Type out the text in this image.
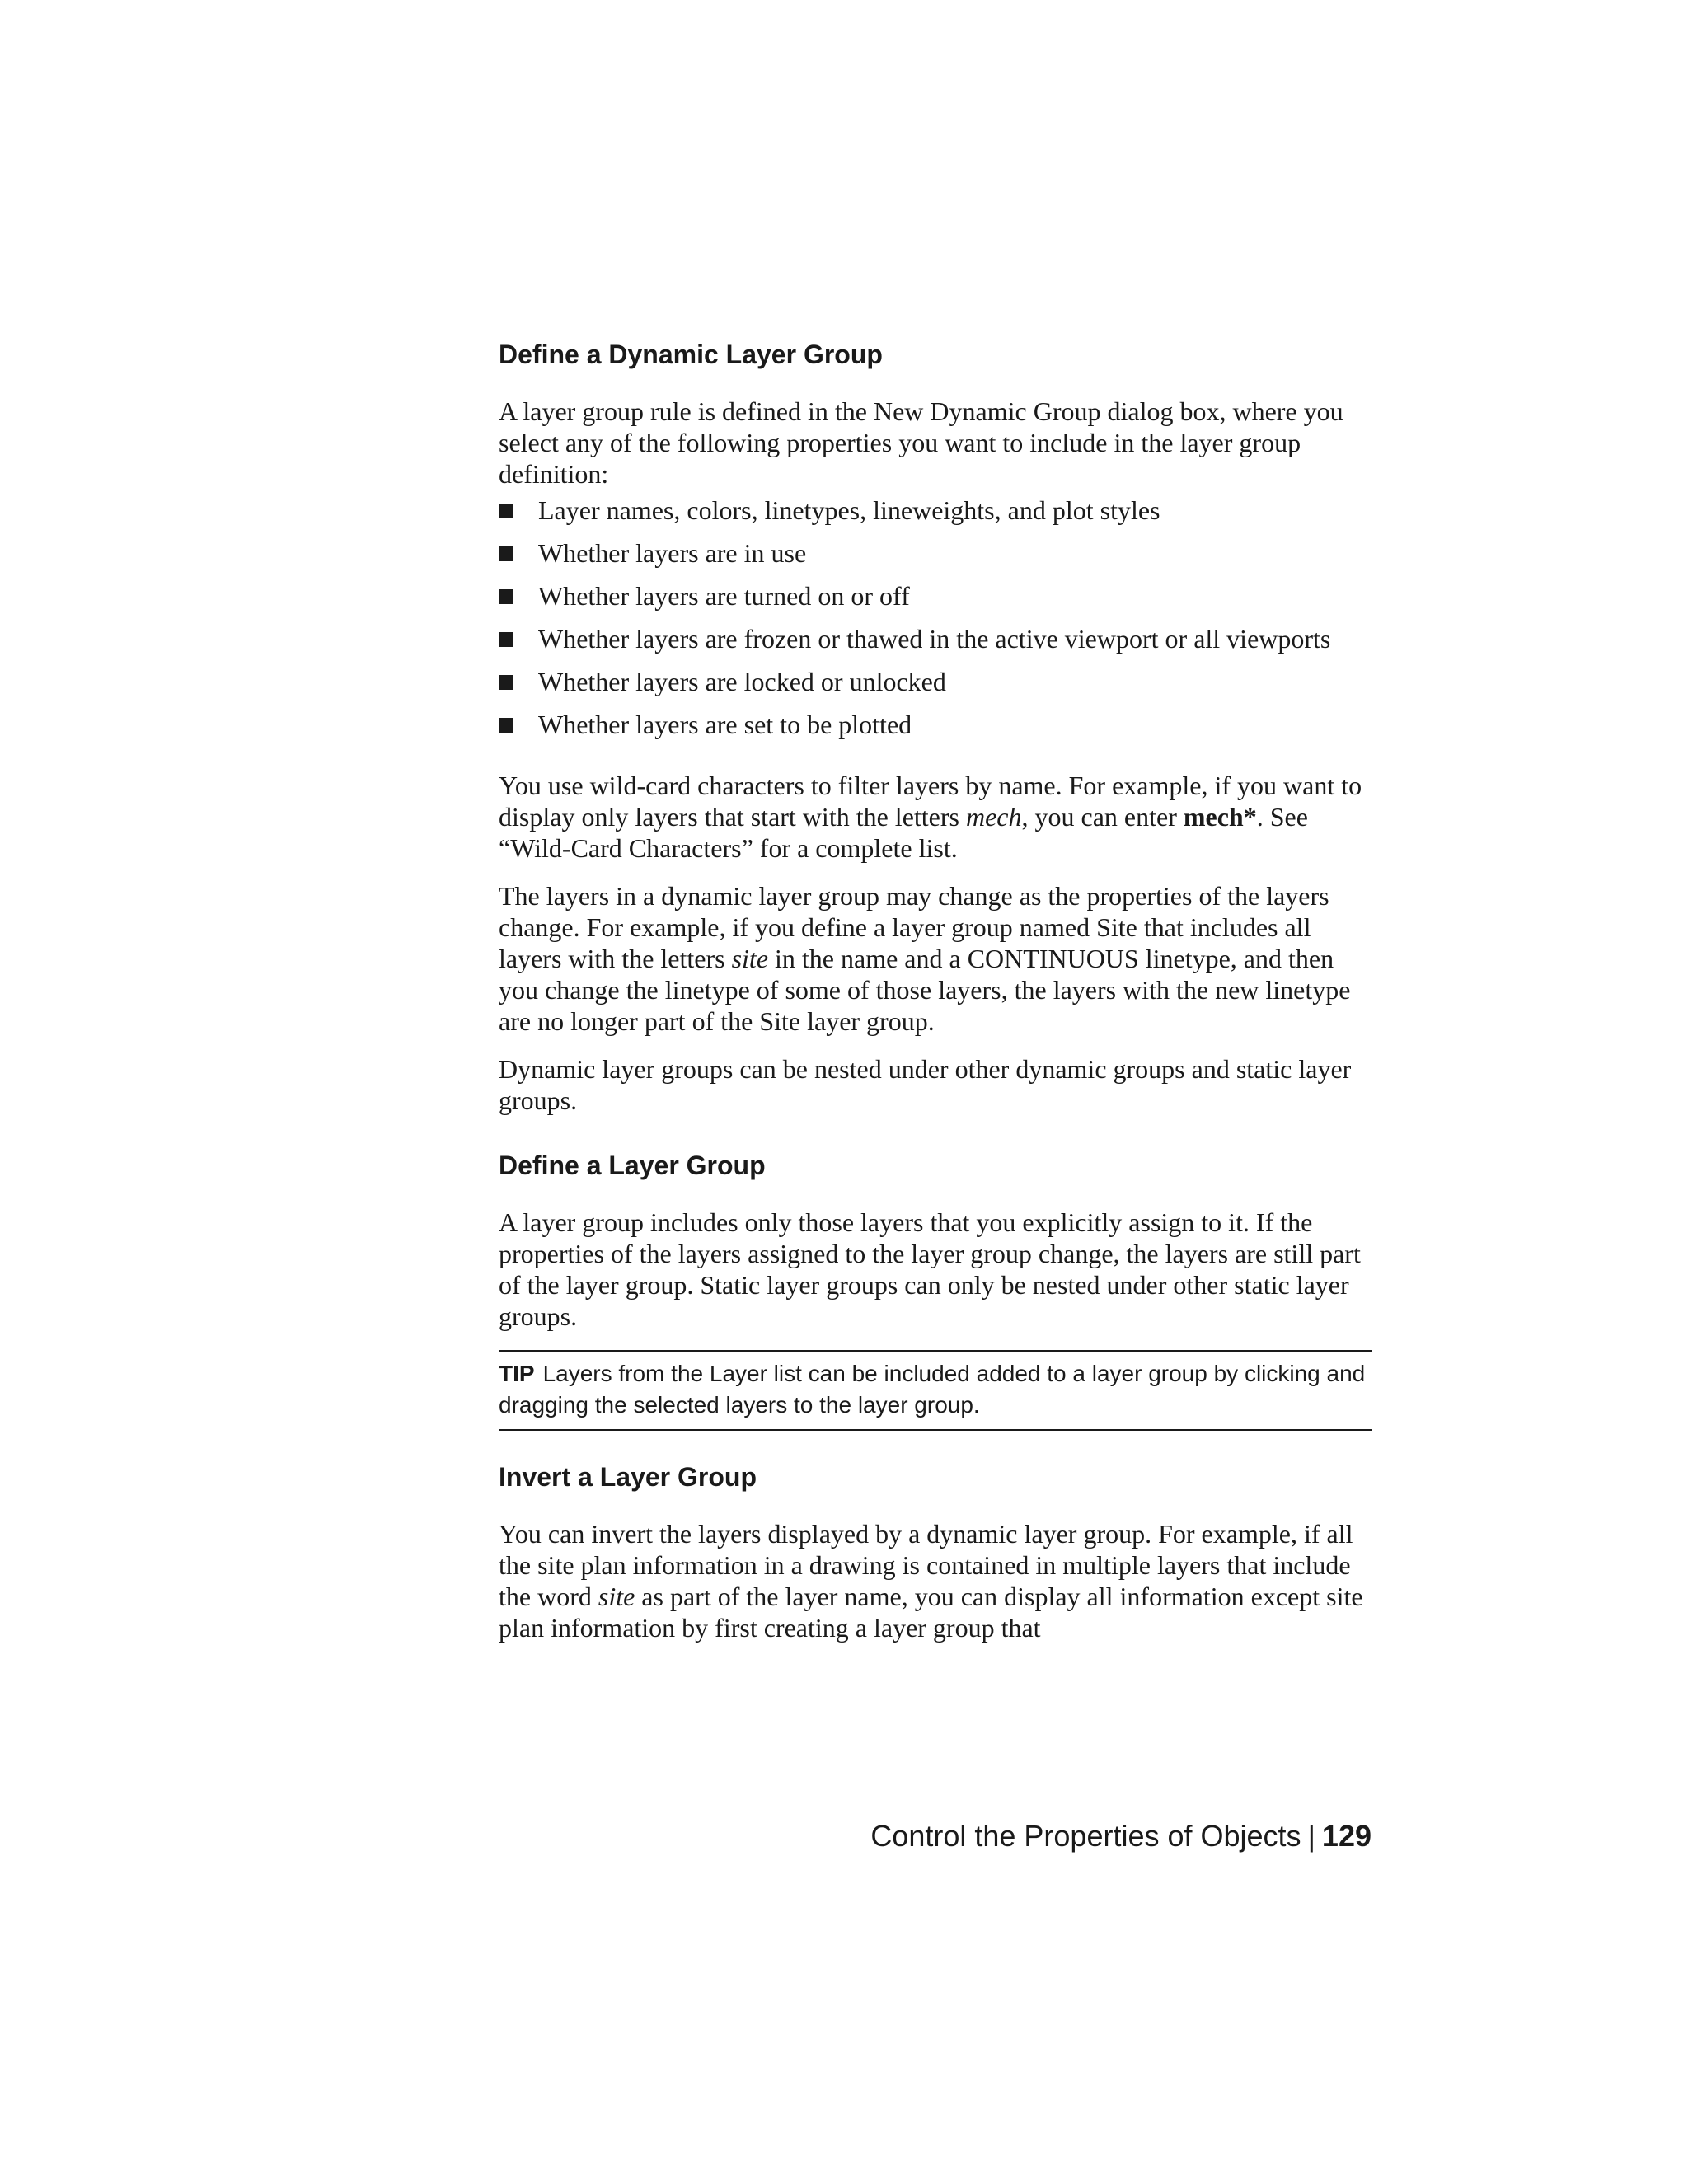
Define a Dynamic Layer Group

A layer group rule is defined in the New Dynamic Group dialog box, where you select any of the following properties you want to include in the layer group definition:

Layer names, colors, linetypes, lineweights, and plot styles
Whether layers are in use
Whether layers are turned on or off
Whether layers are frozen or thawed in the active viewport or all viewports
Whether layers are locked or unlocked
Whether layers are set to be plotted

You use wild-card characters to filter layers by name. For example, if you want to display only layers that start with the letters mech, you can enter mech*. See “Wild-Card Characters” for a complete list.

The layers in a dynamic layer group may change as the properties of the layers change. For example, if you define a layer group named Site that includes all layers with the letters site in the name and a CONTINUOUS linetype, and then you change the linetype of some of those layers, the layers with the new linetype are no longer part of the Site layer group.

Dynamic layer groups can be nested under other dynamic groups and static layer groups.

Define a Layer Group

A layer group includes only those layers that you explicitly assign to it. If the properties of the layers assigned to the layer group change, the layers are still part of the layer group. Static layer groups can only be nested under other static layer groups.

TIP Layers from the Layer list can be included added to a layer group by clicking and dragging the selected layers to the layer group.
Invert a Layer Group

You can invert the layers displayed by a dynamic layer group. For example, if all the site plan information in a drawing is contained in multiple layers that include the word site as part of the layer name, you can display all information except site plan information by first creating a layer group that

Control the Properties of Objects | 129
